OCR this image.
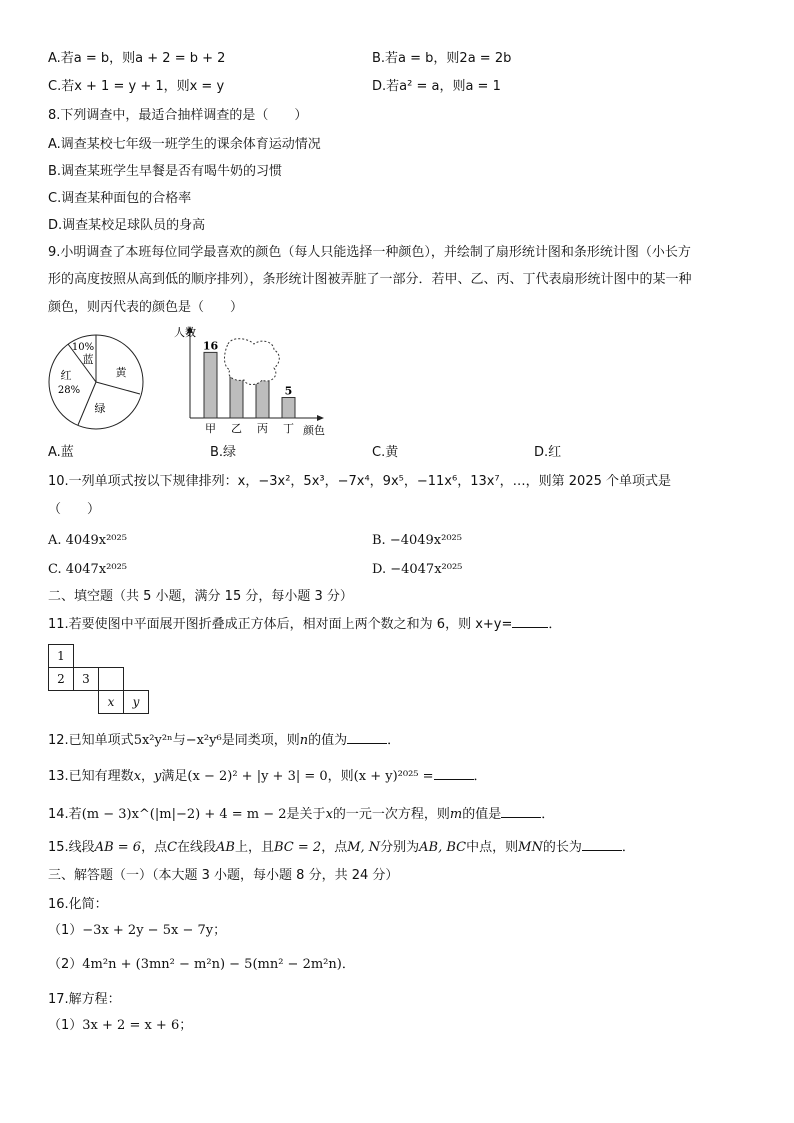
A.若a = b，则a + 2 = b + 2	B.若a = b，则2a = 2b
C.若x + 1 = y + 1，则x = y	D.若a² = a，则a = 1
8.下列调查中，最适合抽样调查的是（　　）
A.调查某校七年级一班学生的课余体育运动情况
B.调查某班学生早餐是否有喝牛奶的习惯
C.调查某种面包的合格率
D.调查某校足球队员的身高
9.小明调查了本班每位同学最喜欢的颜色（每人只能选择一种颜色），并绘制了扇形统计图和条形统计图（小长方
形的高度按照从高到低的顺序排列），条形统计图被弄脏了一部分．若甲、乙、丙、丁代表扇形统计图中的某一种
颜色，则丙代表的颜色是（　　）
10%
蓝
红
28%
黄
绿
人数
颜色
甲 乙 丙 丁
16
5
A.蓝	B.绿	C.黄	D.红
10.一列单项式按以下规律排列：x，−3x²，5x³，−7x⁴，9x⁵，−11x⁶，13x⁷，…，则第 2025 个单项式是
（　　）
A. 4049x²⁰²⁵	B. −4049x²⁰²⁵
C. 4047x²⁰²⁵	D. −4047x²⁰²⁵
二、填空题（共 5 小题，满分 15 分，每小题 3 分）
11.若要使图中平面展开图折叠成正方体后，相对面上两个数之和为 6，则 x+y=	．
1			
2	3		
		x	y
12.已知单项式5x²y²ⁿ与−x²y⁶是同类项，则n的值为	．
13.已知有理数x，y满足(x − 2)² + |y + 3| = 0，则(x + y)²⁰²⁵ =	．
14.若(m − 3)x^(|m|−2) + 4 = m − 2是关于x的一元一次方程，则m的值是	．
15.线段AB = 6，点C在线段AB上，且BC = 2，点M, N分别为AB, BC中点，则MN的长为	．
三、解答题（一）（本大题 3 小题，每小题 8 分，共 24 分）
16.化简：
（1）−3x + 2y − 5x − 7y；
（2）4m²n + (3mn² − m²n) − 5(mn² − 2m²n)．
17.解方程：
（1）3x + 2 = x + 6；
